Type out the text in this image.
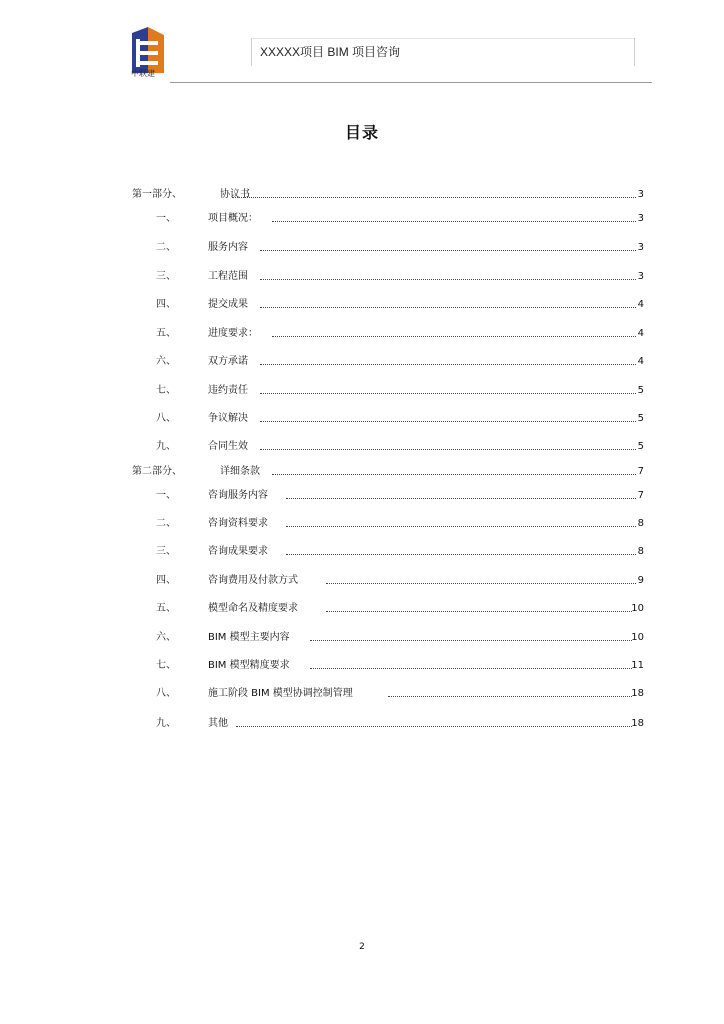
中联建
XXXXX项目 BIM 项目咨询
目录
第一部分、	协议书	3
一、	项目概况：	3
二、	服务内容	3
三、	工程范围	3
四、	提交成果	4
五、	进度要求：	4
六、	双方承诺	4
七、	违约责任	5
八、	争议解决	5
九、	合同生效	5
第二部分、	详细条款	7
一、	咨询服务内容	7
二、	咨询资料要求	8
三、	咨询成果要求	8
四、	咨询费用及付款方式	9
五、	模型命名及精度要求	10
六、	BIM 模型主要内容	10
七、	BIM 模型精度要求	11
八、	施工阶段 BIM 模型协调控制管理	18
九、	其他	18
2
